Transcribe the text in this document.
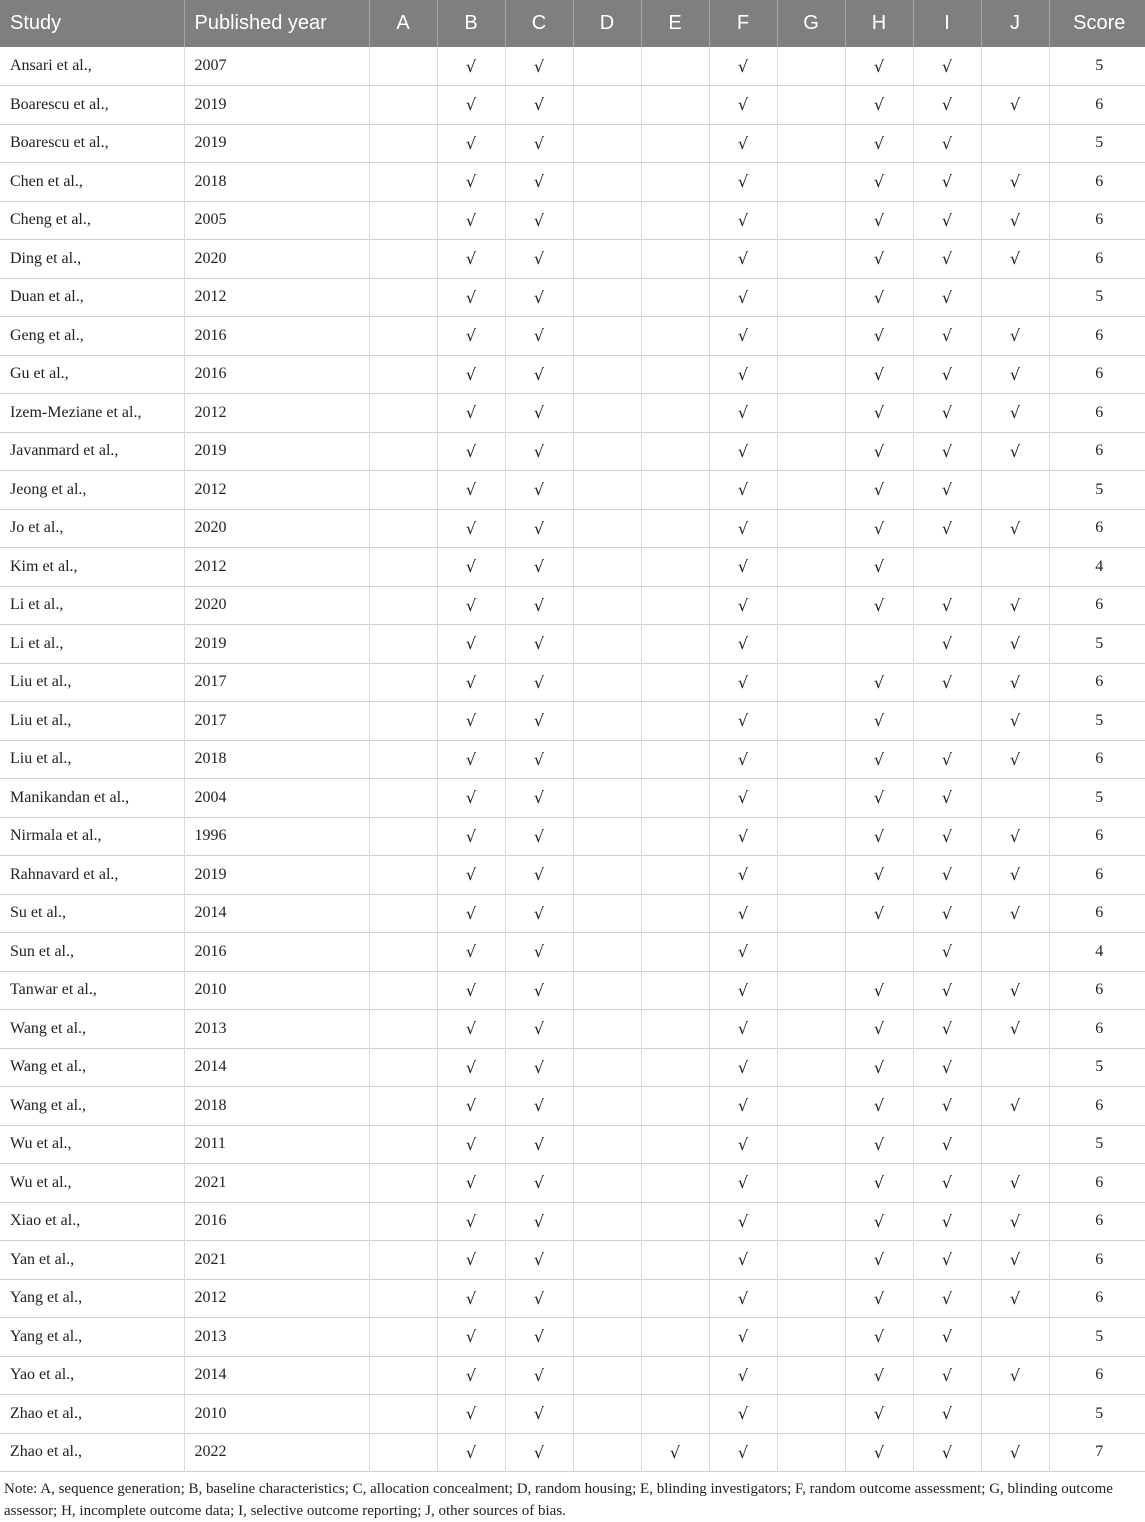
Study	Published year	A	B	C	D	E	F	G	H	I	J	Score
Ansari et al.,	2007		√	√			√		√	√		5
Boarescu et al.,	2019		√	√			√		√	√	√	6
Boarescu et al.,	2019		√	√			√		√	√		5
Chen et al.,	2018		√	√			√		√	√	√	6
Cheng et al.,	2005		√	√			√		√	√	√	6
Ding et al.,	2020		√	√			√		√	√	√	6
Duan et al.,	2012		√	√			√		√	√		5
Geng et al.,	2016		√	√			√		√	√	√	6
Gu et al.,	2016		√	√			√		√	√	√	6
Izem-Meziane et al.,	2012		√	√			√		√	√	√	6
Javanmard et al.,	2019		√	√			√		√	√	√	6
Jeong et al.,	2012		√	√			√		√	√		5
Jo et al.,	2020		√	√			√		√	√	√	6
Kim et al.,	2012		√	√			√		√			4
Li et al.,	2020		√	√			√		√	√	√	6
Li et al.,	2019		√	√			√			√	√	5
Liu et al.,	2017		√	√			√		√	√	√	6
Liu et al.,	2017		√	√			√		√		√	5
Liu et al.,	2018		√	√			√		√	√	√	6
Manikandan et al.,	2004		√	√			√		√	√		5
Nirmala et al.,	1996		√	√			√		√	√	√	6
Rahnavard et al.,	2019		√	√			√		√	√	√	6
Su et al.,	2014		√	√			√		√	√	√	6
Sun et al.,	2016		√	√			√			√		4
Tanwar et al.,	2010		√	√			√		√	√	√	6
Wang et al.,	2013		√	√			√		√	√	√	6
Wang et al.,	2014		√	√			√		√	√		5
Wang et al.,	2018		√	√			√		√	√	√	6
Wu et al.,	2011		√	√			√		√	√		5
Wu et al.,	2021		√	√			√		√	√	√	6
Xiao et al.,	2016		√	√			√		√	√	√	6
Yan et al.,	2021		√	√			√		√	√	√	6
Yang et al.,	2012		√	√			√		√	√	√	6
Yang et al.,	2013		√	√			√		√	√		5
Yao et al.,	2014		√	√			√		√	√	√	6
Zhao et al.,	2010		√	√			√		√	√		5
Zhao et al.,	2022		√	√		√	√		√	√	√	7
Note: A, sequence generation; B, baseline characteristics; C, allocation concealment; D, random housing; E, blinding investigators; F, random outcome assessment; G, blinding outcome assessor; H, incomplete outcome data; I, selective outcome reporting; J, other sources of bias.
